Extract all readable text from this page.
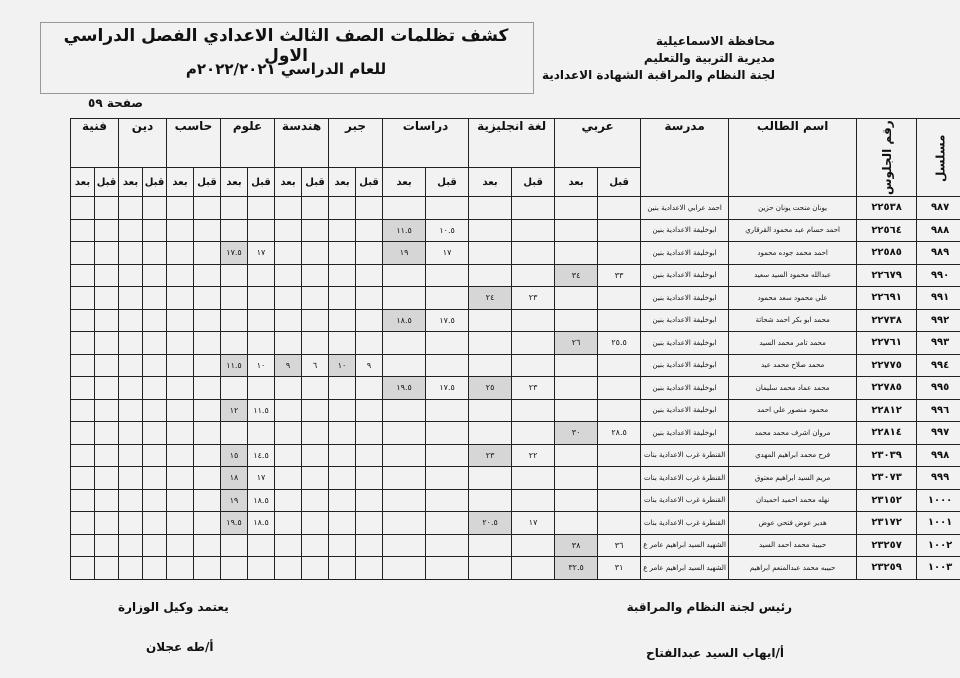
محافظة الاسماعيلية
مديرية التربية والتعليم
لجنة النظام والمراقبة الشهادة الاعدادية
كشف تظلمات الصف الثالث الاعدادي الفصل الدراسي الاول
للعام الدراسي ٢٠٢٢/٢٠٢١م
صفحة ٥٩
مسلسل	رقم الجلوس	اسم الطالب	مدرسة	عربي		لغة انجليزية		دراسات		جبر		هندسة		علوم		حاسب		دين		فنية	
				قبل	بعد	قبل	بعد	قبل	بعد	قبل	بعد	قبل	بعد	قبل	بعد	قبل	بعد	قبل	بعد	قبل	بعد
٩٨٧	٢٢٥٣٨	يونان منحت يونان حزين	احمد عرابي الاعدادية بنين																		
٩٨٨	٢٢٥٦٤	احمد حسام عبد محمود القرقاري	ابوخليفة الاعدادية بنين					١٠.٥	١١.٥												
٩٨٩	٢٢٥٨٥	احمد محمد جوده محمود	ابوخليفة الاعدادية بنين					١٧	١٩					١٧	١٧.٥						
٩٩٠	٢٢٦٧٩	عبدالله محمود السيد سعيد	ابوخليفة الاعدادية بنين	٣٣	٣٤																
٩٩١	٢٢٦٩١	علي محمود سعد محمود	ابوخليفة الاعدادية بنين			٢٣	٢٤														
٩٩٢	٢٢٧٣٨	محمد ابو بكر احمد شحاتة	ابوخليفة الاعدادية بنين					١٧.٥	١٨.٥												
٩٩٣	٢٢٧٦١	محمد تامر محمد السيد	ابوخليفة الاعدادية بنين	٢٥.٥	٢٦																
٩٩٤	٢٢٧٧٥	محمد صلاح محمد عيد	ابوخليفة الاعدادية بنين							٩	١٠	٦	٩	١٠	١١.٥						
٩٩٥	٢٢٧٨٥	محمد عماد محمد سليمان	ابوخليفة الاعدادية بنين			٢٣	٢٥	١٧.٥	١٩.٥												
٩٩٦	٢٢٨١٢	محمود منصور علي احمد	ابوخليفة الاعدادية بنين											١١.٥	١٢						
٩٩٧	٢٢٨١٤	مروان اشرف محمد محمد	ابوخليفة الاعدادية بنين	٢٨.٥	٣٠																
٩٩٨	٢٣٠٣٩	فرح محمد ابراهيم المهدي	القنطرة غرب الاعدادية بنات			٢٢	٢٣							١٤.٥	١٥						
٩٩٩	٢٣٠٧٣	مريم السيد ابراهيم معتوق	القنطرة غرب الاعدادية بنات											١٧	١٨						
١٠٠٠	٢٣١٥٢	نهله محمد احميد احميدان	القنطرة غرب الاعدادية بنات											١٨.٥	١٩						
١٠٠١	٢٣١٧٢	هدير عوض فتحي عوض	القنطرة غرب الاعدادية بنات			١٧	٢٠.٥							١٨.٥	١٩.٥						
١٠٠٢	٢٣٢٥٧	حبيبة محمد احمد السيد	الشهيد السيد ابراهيم عامر ع	٣٦	٣٨																
١٠٠٣	٢٣٢٥٩	حبيبه محمد عبدالمنعم ابراهيم	الشهيد السيد ابراهيم عامر ع	٣١	٣٢.٥																
رئيس لجنة النظام والمراقبة
أ/ايهاب السيد عبدالفتاح
يعتمد وكيل الوزارة
أ/طه عجلان
